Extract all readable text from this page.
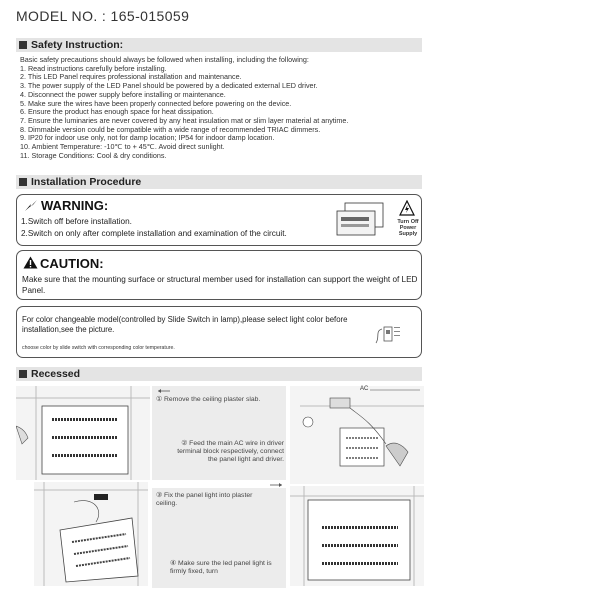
MODEL NO. : 165-015059
Safety Instruction:
Basic safety precautions should always be followed when installing, including the following:
1. Read instructions carefully before installing.
2. This LED Panel requires professional installation and maintenance.
3. The power supply of the LED Panel should be powered by a dedicated external LED driver.
4. Disconnect the power supply before installing or maintenance.
5. Make sure the wires have been properly connected before powering on the device.
6. Ensure the product has enough space for heat dissipation.
7. Ensure the luminaries are never covered by any heat insulation mat or slim layer material at anytime.
8. Dimmable version could be compatible with a wide range of recommended TRIAC dimmers.
9. IP20 for indoor use only, not for damp location; IP54 for indoor damp location.
10. Ambient Temperature: -10℃ to + 45℃. Avoid direct sunlight.
11. Storage Conditions: Cool & dry conditions.
Installation Procedure
WARNING:
1.Switch off before installation.
2.Switch on only after complete installation and examination of the circuit.
Turn Off
Power Supply
CAUTION:
Make sure that the mounting surface or structural member used for installation can support the weight of LED Panel.
For color changeable model(controlled by Slide Switch in lamp),please select light color before installation,see the picture.
choose color by slide switch with corresponding color temperature.
Recessed
① Remove the ceiling plaster slab.
② Feed the main AC wire in driver terminal block respectively, connect the panel light and driver.
AC
③ Fix the panel light into plaster ceiling.
④ Make sure the led panel light is firmly fixed, turn
